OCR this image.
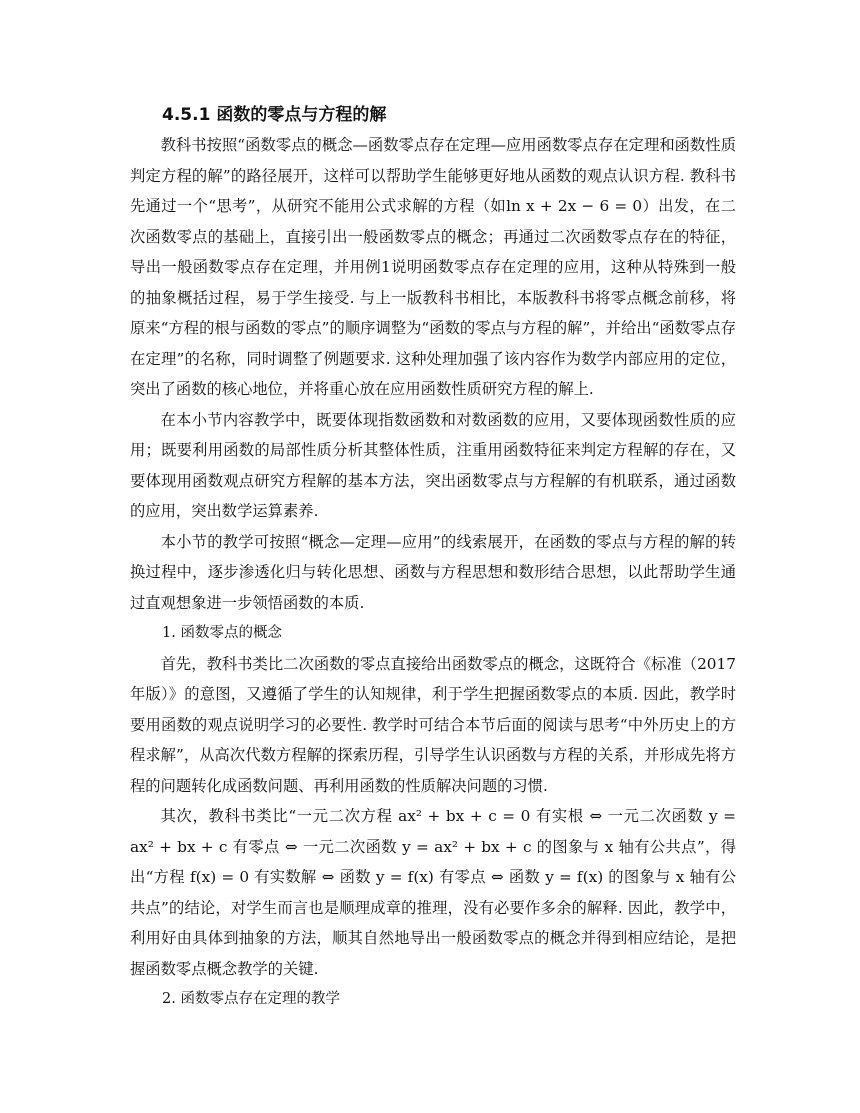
4.5.1 函数的零点与方程的解

教科书按照“函数零点的概念—函数零点存在定理—应用函数零点存在定理和函数性质判定方程的解”的路径展开，这样可以帮助学生能够更好地从函数的观点认识方程. 教科书先通过一个“思考”，从研究不能用公式求解的方程（如ln x + 2x − 6 = 0）出发，在二次函数零点的基础上，直接引出一般函数零点的概念；再通过二次函数零点存在的特征，导出一般函数零点存在定理，并用例1说明函数零点存在定理的应用，这种从特殊到一般的抽象概括过程，易于学生接受. 与上一版教科书相比，本版教科书将零点概念前移，将原来“方程的根与函数的零点”的顺序调整为“函数的零点与方程的解”，并给出“函数零点存在定理”的名称，同时调整了例题要求. 这种处理加强了该内容作为数学内部应用的定位，突出了函数的核心地位，并将重心放在应用函数性质研究方程的解上.

在本小节内容教学中，既要体现指数函数和对数函数的应用，又要体现函数性质的应用；既要利用函数的局部性质分析其整体性质，注重用函数特征来判定方程解的存在，又要体现用函数观点研究方程解的基本方法，突出函数零点与方程解的有机联系，通过函数的应用，突出数学运算素养.

本小节的教学可按照“概念—定理—应用”的线索展开，在函数的零点与方程的解的转换过程中，逐步渗透化归与转化思想、函数与方程思想和数形结合思想，以此帮助学生通过直观想象进一步领悟函数的本质.

1. 函数零点的概念

首先，教科书类比二次函数的零点直接给出函数零点的概念，这既符合《标准（2017年版）》的意图，又遵循了学生的认知规律，利于学生把握函数零点的本质. 因此，教学时要用函数的观点说明学习的必要性. 教学时可结合本节后面的阅读与思考“中外历史上的方程求解”，从高次代数方程解的探索历程，引导学生认识函数与方程的关系，并形成先将方程的问题转化成函数问题、再利用函数的性质解决问题的习惯.

其次，教科书类比“一元二次方程 ax² + bx + c = 0 有实根 ⇔ 一元二次函数 y = ax² + bx + c 有零点 ⇔ 一元二次函数 y = ax² + bx + c 的图象与 x 轴有公共点”，得出“方程 f(x) = 0 有实数解 ⇔ 函数 y = f(x) 有零点 ⇔ 函数 y = f(x) 的图象与 x 轴有公共点”的结论，对学生而言也是顺理成章的推理，没有必要作多余的解释. 因此，教学中，利用好由具体到抽象的方法，顺其自然地导出一般函数零点的概念并得到相应结论，是把握函数零点概念教学的关键.

2. 函数零点存在定理的教学
